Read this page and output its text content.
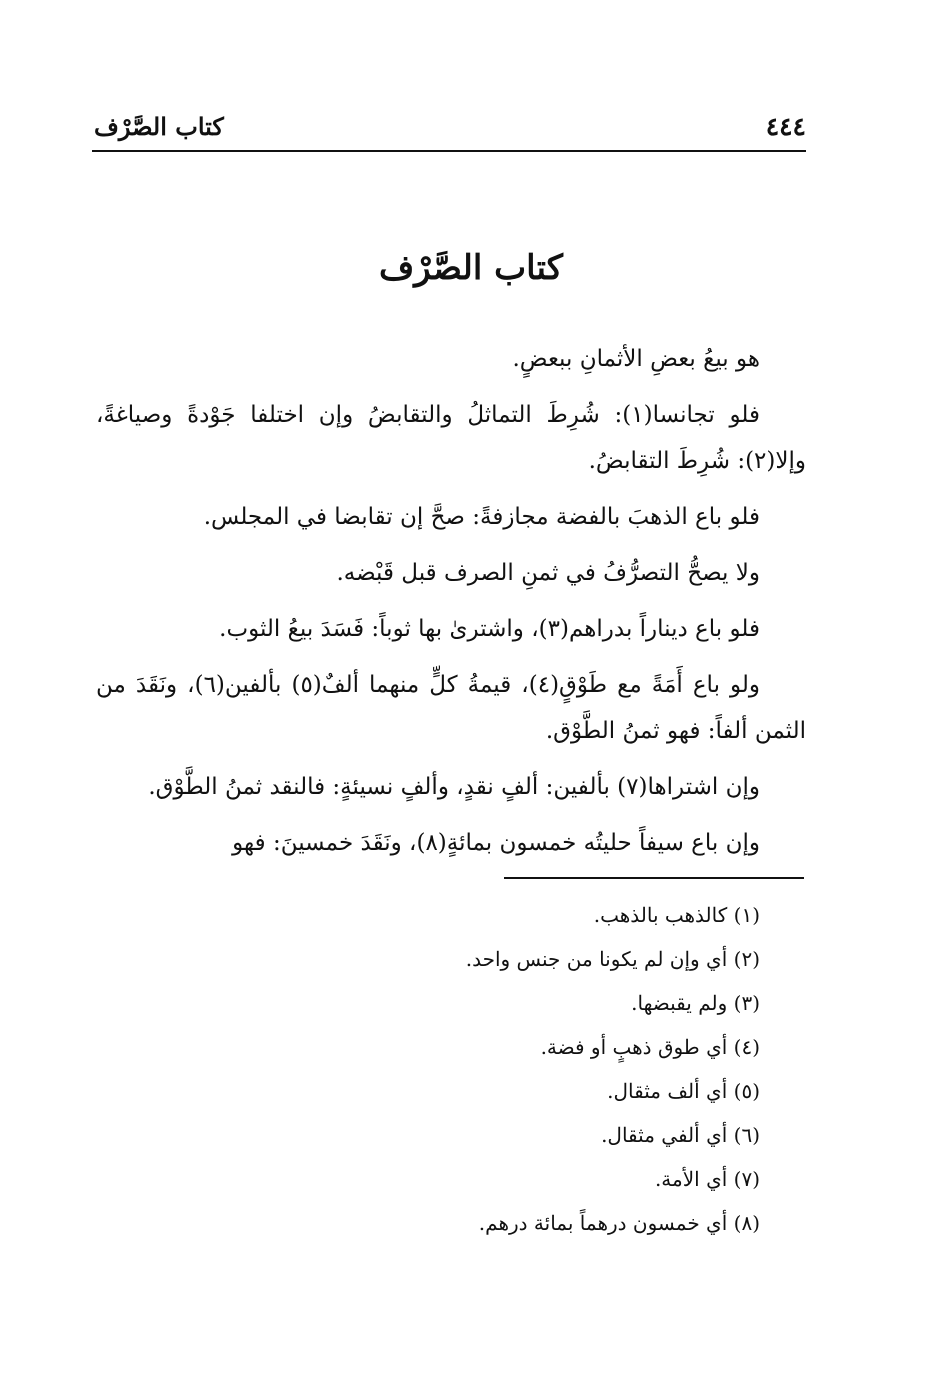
٤٤٤
كتاب الصَّرْف
كتاب الصَّرْف

هو بيعُ بعضِ الأثمانِ ببعضٍ.

فلو تجانسا(١): شُرِطَ التماثلُ والتقابضُ وإن اختلفا جَوْدةً وصياغةً، وإلا(٢): شُرِطَ التقابضُ.

فلو باع الذهبَ بالفضة مجازفةً: صحَّ إن تقابضا في المجلس.

ولا يصحُّ التصرُّفُ في ثمنِ الصرف قبل قَبْضه.

فلو باع ديناراً بدراهم(٣)، واشترىٰ بها ثوباً: فَسَدَ بيعُ الثوب.

ولو باع أَمَةً مع طَوْقٍ(٤)، قيمةُ كلٍّ منهما ألفٌ(٥) بألفين(٦)، ونَقَدَ من الثمن ألفاً: فهو ثمنُ الطَّوْق.

وإن اشتراها(٧) بألفين: ألفٍ نقدٍ، وألفٍ نسيئةٍ: فالنقد ثمنُ الطَّوْق.

وإن باع سيفاً حليتُه خمسون بمائةٍ(٨)، ونَقَدَ خمسينَ: فهو

(١) كالذهب بالذهب.
(٢) أي وإن لم يكونا من جنس واحد.
(٣) ولم يقبضها.
(٤) أي طوق ذهبٍ أو فضة.
(٥) أي ألف مثقال.
(٦) أي ألفي مثقال.
(٧) أي الأمة.
(٨) أي خمسون درهماً بمائة درهم.
